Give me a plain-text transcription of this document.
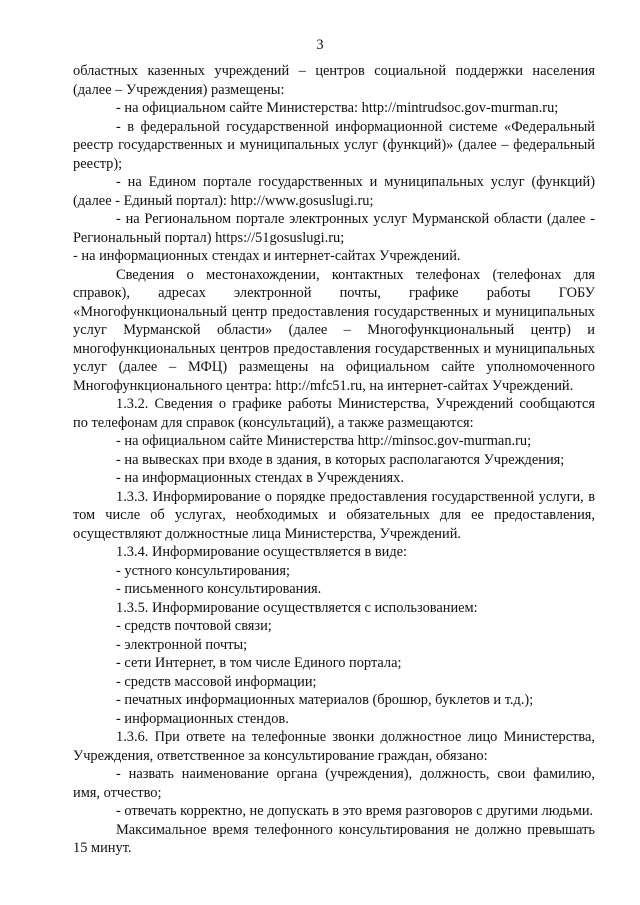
3

областных казенных учреждений – центров социальной поддержки населения (далее – Учреждения) размещены:

- на официальном сайте Министерства: http://mintrudsoc.gov-murman.ru;

- в федеральной государственной информационной системе «Федеральный реестр государственных и муниципальных услуг (функций)» (далее – федеральный реестр);

- на Едином портале государственных и муниципальных услуг (функций) (далее - Единый портал): http://www.gosuslugi.ru;

- на Региональном портале электронных услуг Мурманской области (далее - Региональный портал) https://51gosuslugi.ru;

- на информационных стендах и интернет-сайтах Учреждений.

Сведения о местонахождении, контактных телефонах (телефонах для справок), адресах электронной почты, графике работы ГОБУ «Многофункциональный центр предоставления государственных и муниципальных услуг Мурманской области» (далее – Многофункциональный центр) и многофункциональных центров предоставления государственных и муниципальных услуг (далее – МФЦ) размещены на официальном сайте уполномоченного Многофункционального центра: http://mfc51.ru, на интернет-сайтах Учреждений.

1.3.2. Сведения о графике работы Министерства, Учреждений сообщаются по телефонам для справок (консультаций), а также размещаются:

- на официальном сайте Министерства http://minsoc.gov-murman.ru;

- на вывесках при входе в здания, в которых располагаются Учреждения;

- на информационных стендах в Учреждениях.

1.3.3. Информирование о порядке предоставления государственной услуги, в том числе об услугах, необходимых и обязательных для ее предоставления, осуществляют должностные лица Министерства, Учреждений.

1.3.4. Информирование осуществляется в виде:

- устного консультирования;

- письменного консультирования.

1.3.5. Информирование осуществляется с использованием:

- средств почтовой связи;

- электронной почты;

- сети Интернет, в том числе Единого портала;

- средств массовой информации;

- печатных информационных материалов (брошюр, буклетов и т.д.);

- информационных стендов.

1.3.6. При ответе на телефонные звонки должностное лицо Министерства, Учреждения, ответственное за консультирование граждан, обязано:

- назвать наименование органа (учреждения), должность, свои фамилию, имя, отчество;

- отвечать корректно, не допускать в это время разговоров с другими людьми.

Максимальное время телефонного консультирования не должно превышать 15 минут.
